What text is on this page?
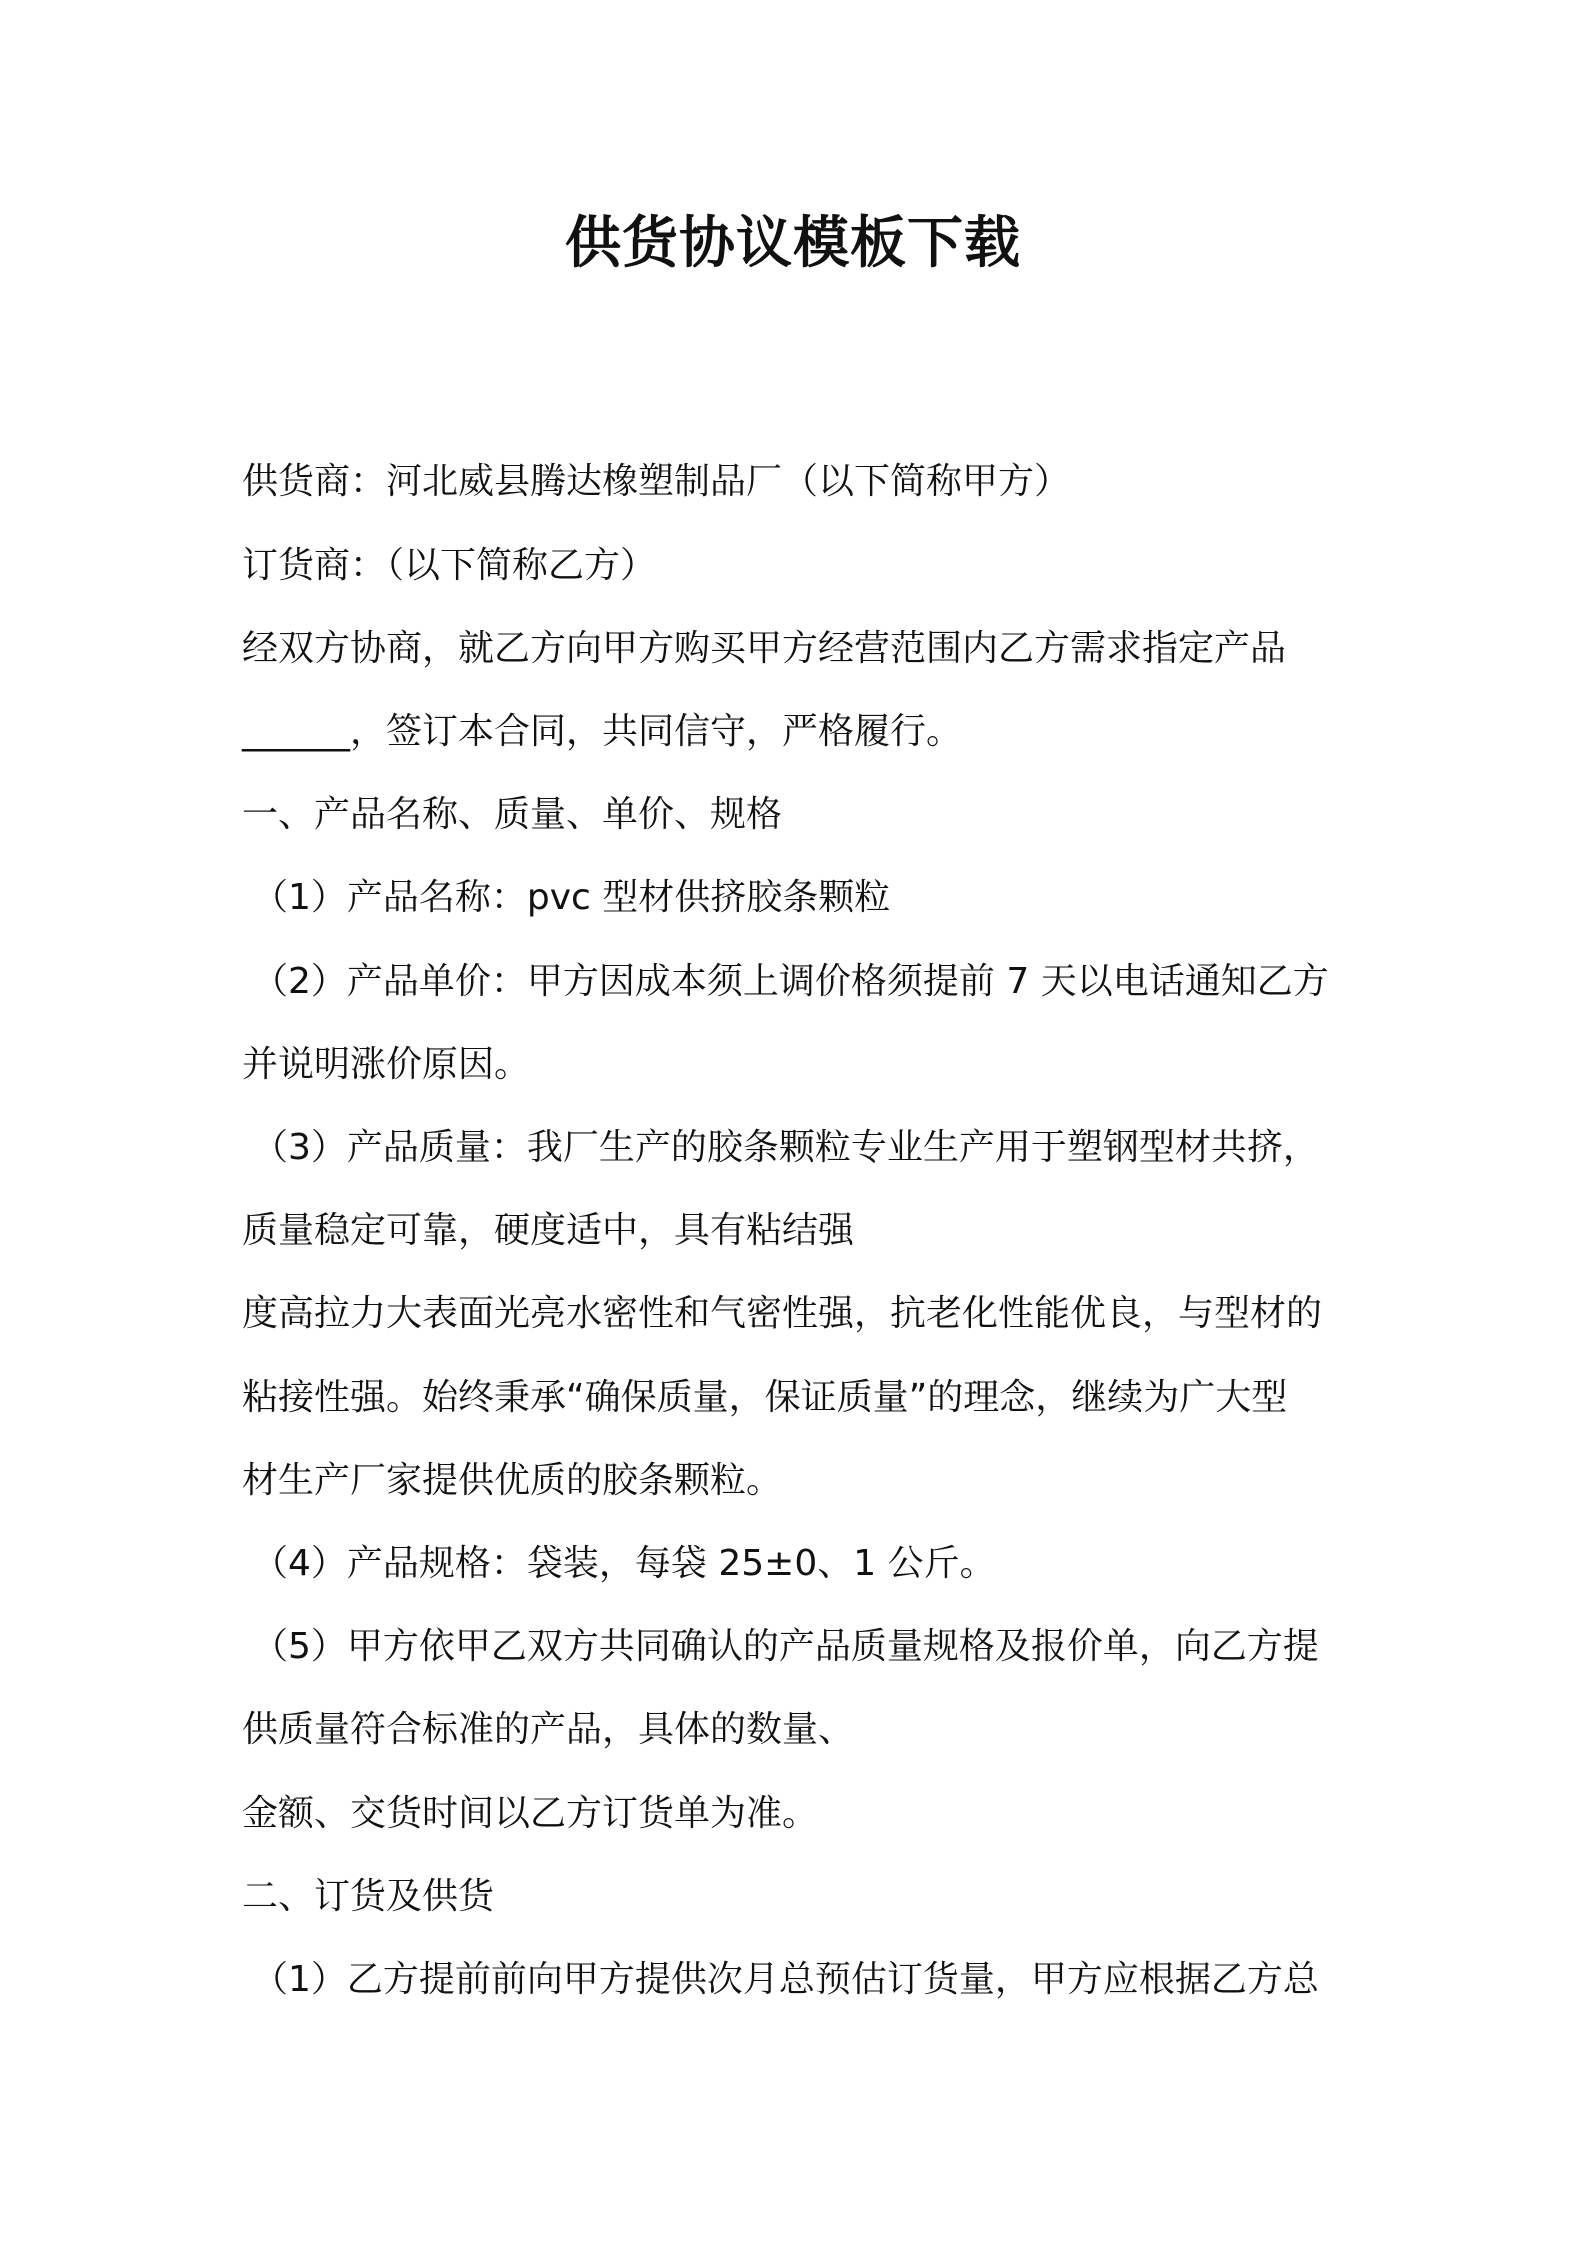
供货协议模板下载

供货商：河北威县腾达橡塑制品厂（以下简称甲方）

订货商：（以下简称乙方）

经双方协商，就乙方向甲方购买甲方经营范围内乙方需求指定产品

______，签订本合同，共同信守，严格履行。

一、产品名称、质量、单价、规格

（1）产品名称：pvc 型材供挤胶条颗粒

（2）产品单价：甲方因成本须上调价格须提前 7 天以电话通知乙方

并说明涨价原因。

（3）产品质量：我厂生产的胶条颗粒专业生产用于塑钢型材共挤，

质量稳定可靠，硬度适中，具有粘结强

度高拉力大表面光亮水密性和气密性强，抗老化性能优良，与型材的

粘接性强。始终秉承“确保质量，保证质量”的理念，继续为广大型

材生产厂家提供优质的胶条颗粒。

（4）产品规格：袋装，每袋 25±0、1 公斤。

（5）甲方依甲乙双方共同确认的产品质量规格及报价单，向乙方提

供质量符合标准的产品，具体的数量、

金额、交货时间以乙方订货单为准。

二、订货及供货

（1）乙方提前前向甲方提供次月总预估订货量，甲方应根据乙方总
